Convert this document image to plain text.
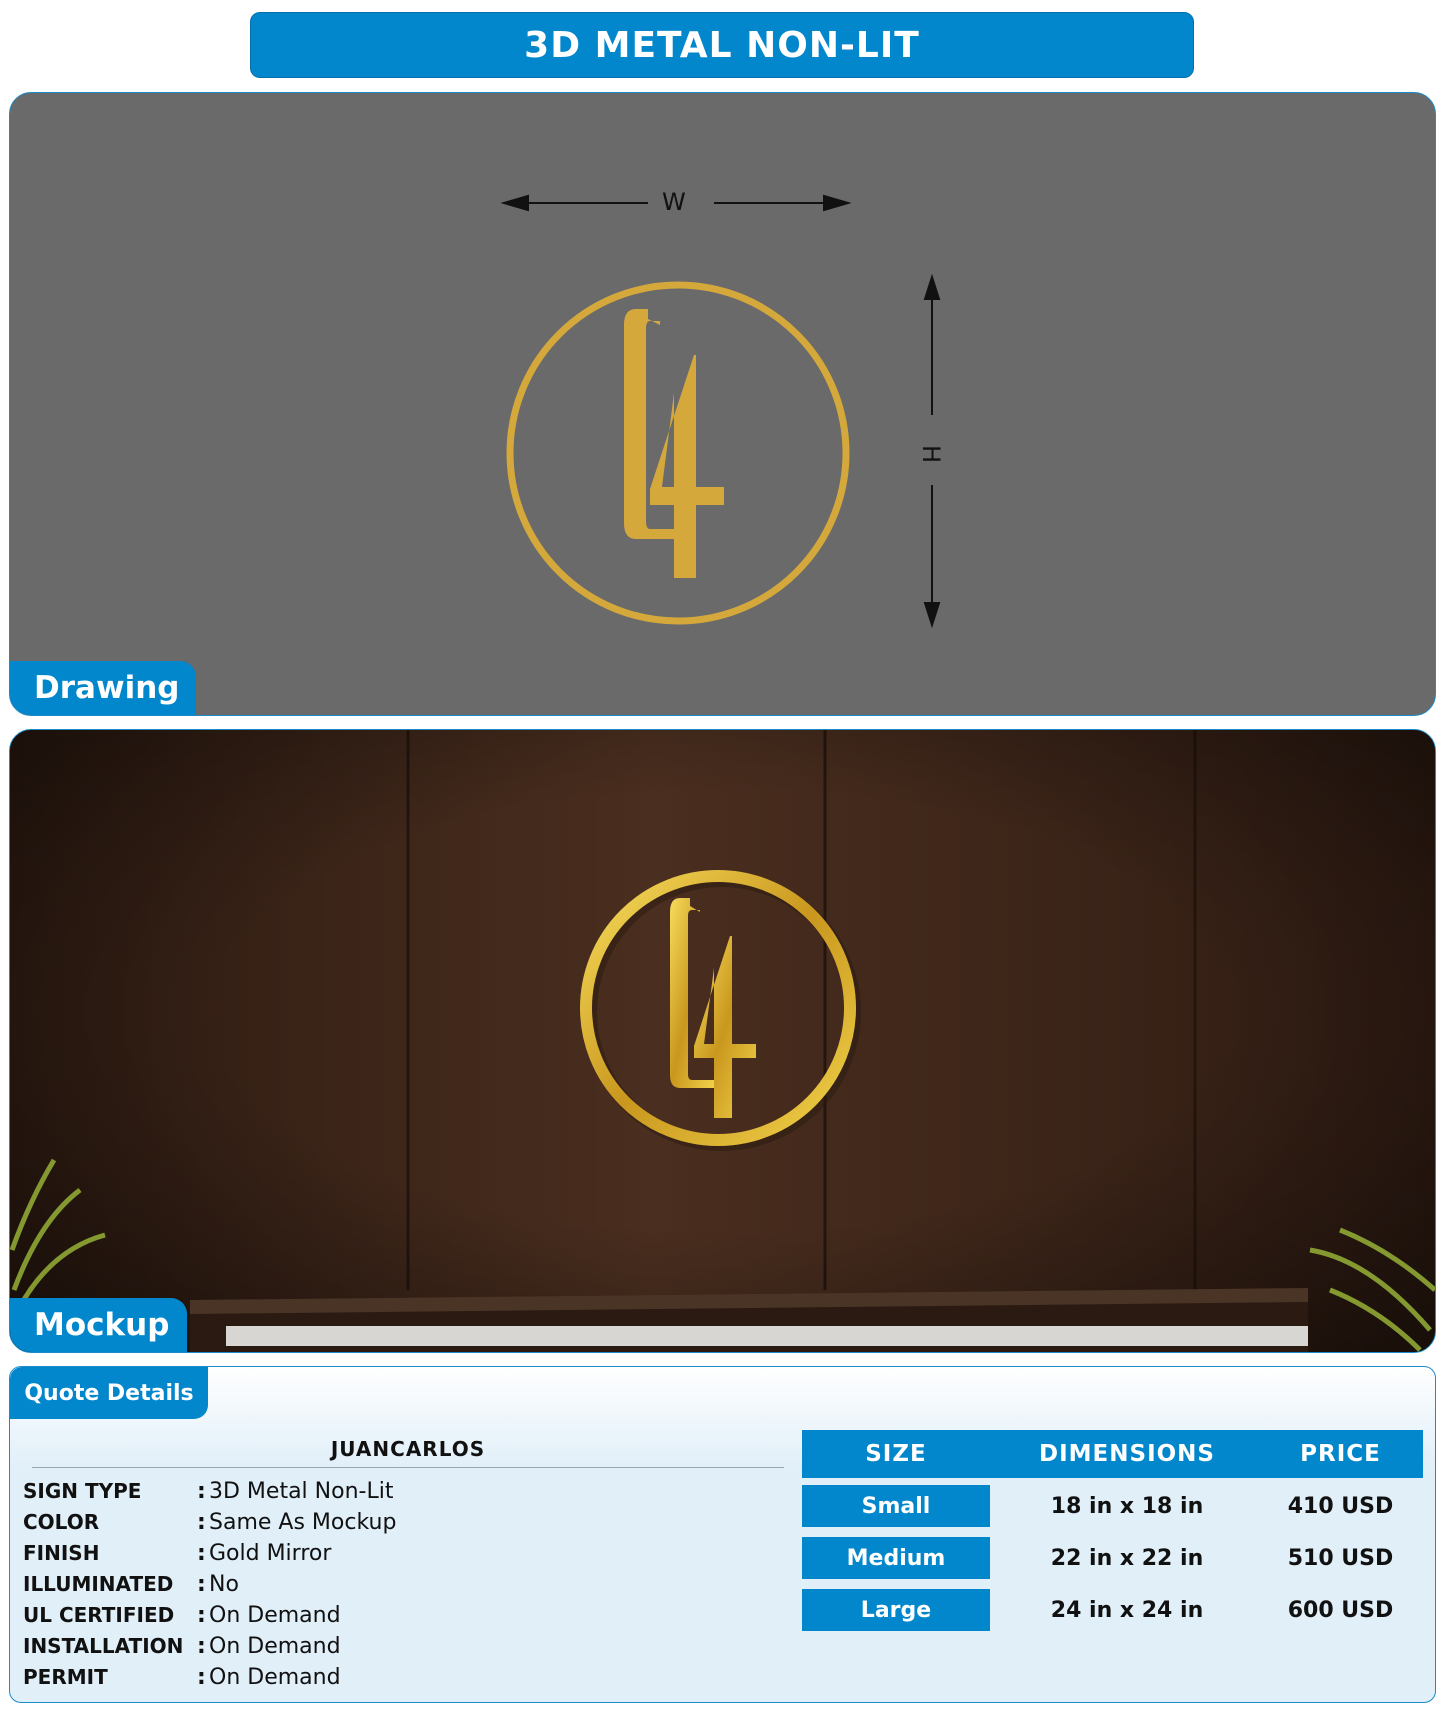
3D METAL NON-LIT
W
H
Drawing
Mockup
Quote Details
JUANCARLOS
SIGN TYPE	: 3D Metal Non-Lit
COLOR	: Same As Mockup
FINISH	: Gold Mirror
ILLUMINATED	: No
UL CERTIFIED	: On Demand
INSTALLATION : On Demand
PERMIT	: On Demand
SIZE	DIMENSIONS	PRICE
Small	18 in x 18 in	410 USD
Medium	22 in x 22 in	510 USD
Large	24 in x 24 in	600 USD
